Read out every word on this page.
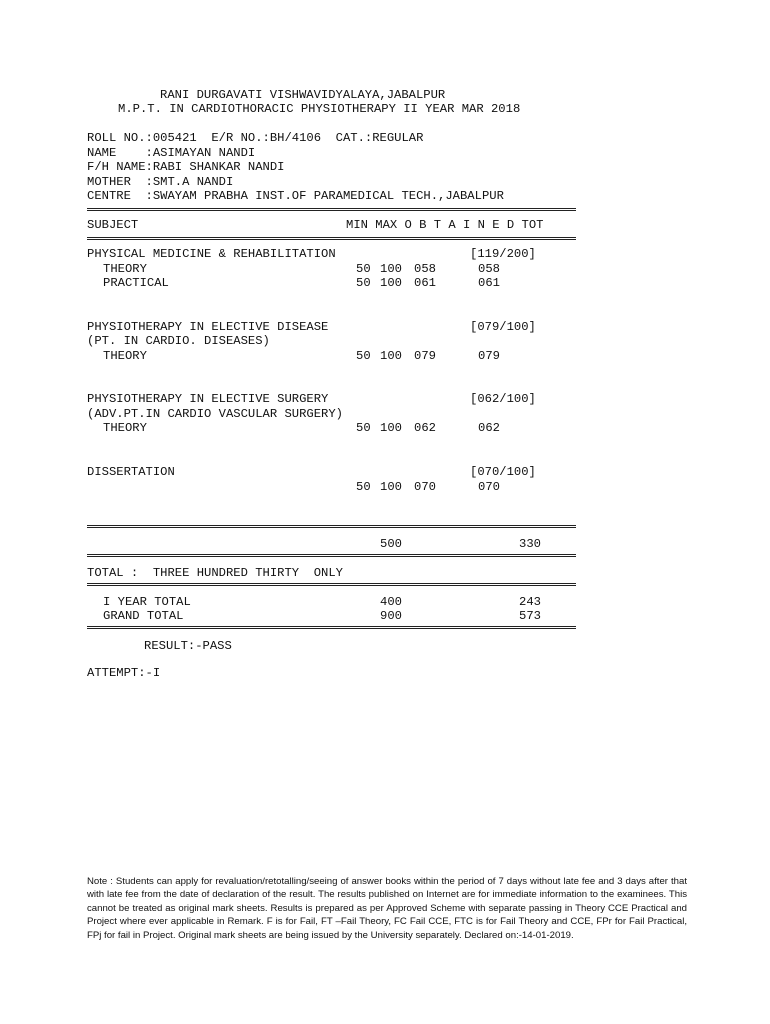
RANI DURGAVATI VISHWAVIDYALAYA,JABALPUR
M.P.T. IN CARDIOTHORACIC PHYSIOTHERAPY II YEAR MAR 2018
ROLL NO.:005421  E/R NO.:BH/4106  CAT.:REGULAR
NAME    :ASIMAYAN NANDI
F/H NAME:RABI SHANKAR NANDI
MOTHER  :SMT.A NANDI
CENTRE  :SWAYAM PRABHA INST.OF PARAMEDICAL TECH.,JABALPUR
SUBJECT	MIN MAX O B T A I N E D TOT
PHYSICAL MEDICINE & REHABILITATION	[119/200]
THEORY	50 100 058	058
PRACTICAL	50 100 061	061
PHYSIOTHERAPY IN ELECTIVE DISEASE	[079/100]
(PT. IN CARDIO. DISEASES)
THEORY	50 100 079	079
PHYSIOTHERAPY IN ELECTIVE SURGERY	[062/100]
(ADV.PT.IN CARDIO VASCULAR SURGERY)
THEORY	50 100 062	062
DISSERTATION	[070/100]
50 100 070	070
500	330
TOTAL :  THREE HUNDRED THIRTY  ONLY
I YEAR TOTAL	400	243
GRAND TOTAL	900	573
RESULT:-PASS
ATTEMPT:-I
Note : Students can apply for revaluation/retotalling/seeing of answer books within the period of 7 days without late fee and 3 days after that with late fee from the date of declaration of the result. The results published on Internet are for immediate information to the examinees. This cannot be treated as original mark sheets. Results is prepared as per Approved Scheme with separate passing in Theory CCE Practical and Project where ever applicable in Remark. F is for Fail, FT –Fail Theory, FC Fail CCE, FTC is for Fail Theory and CCE, FPr for Fail Practical, FPj for fail in Project. Original mark sheets are being issued by the University separately. Declared on:-14-01-2019.
